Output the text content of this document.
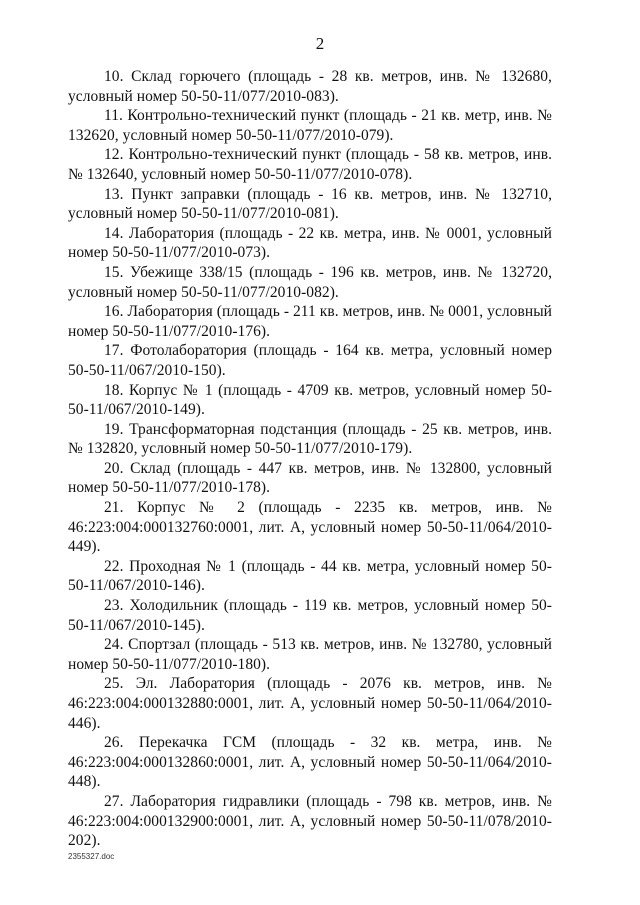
2

10. Склад горючего (площадь - 28 кв. метров, инв. № 132680, условный номер 50-50-11/077/2010-083).

11. Контрольно-технический пункт (площадь - 21 кв. метр, инв. № 132620, условный номер 50-50-11/077/2010-079).

12. Контрольно-технический пункт (площадь - 58 кв. метров, инв. № 132640, условный номер 50-50-11/077/2010-078).

13. Пункт заправки (площадь - 16 кв. метров, инв. № 132710, условный номер 50-50-11/077/2010-081).

14. Лаборатория (площадь - 22 кв. метра, инв. № 0001, условный номер 50-50-11/077/2010-073).

15. Убежище 338/15 (площадь - 196 кв. метров, инв. № 132720, условный номер 50-50-11/077/2010-082).

16. Лаборатория (площадь - 211 кв. метров, инв. № 0001, условный номер 50-50-11/077/2010-176).

17. Фотолаборатория (площадь - 164 кв. метра, условный номер 50-50-11/067/2010-150).

18. Корпус № 1 (площадь - 4709 кв. метров, условный номер 50-50-11/067/2010-149).

19. Трансформаторная подстанция (площадь - 25 кв. метров, инв. № 132820, условный номер 50-50-11/077/2010-179).

20. Склад (площадь - 447 кв. метров, инв. № 132800, условный номер 50-50-11/077/2010-178).

21. Корпус № 2 (площадь - 2235 кв. метров, инв. № 46:223:004:000132760:0001, лит. А, условный номер 50-50-11/064/2010-449).

22. Проходная № 1 (площадь - 44 кв. метра, условный номер 50-50-11/067/2010-146).

23. Холодильник (площадь - 119 кв. метров, условный номер 50-50-11/067/2010-145).

24. Спортзал (площадь - 513 кв. метров, инв. № 132780, условный номер 50-50-11/077/2010-180).

25. Эл. Лаборатория (площадь - 2076 кв. метров, инв. № 46:223:004:000132880:0001, лит. А, условный номер 50-50-11/064/2010-446).

26. Перекачка ГСМ (площадь - 32 кв. метра, инв. № 46:223:004:000132860:0001, лит. А, условный номер 50-50-11/064/2010-448).

27. Лаборатория гидравлики (площадь - 798 кв. метров, инв. № 46:223:004:000132900:0001, лит. А, условный номер 50-50-11/078/2010-202).

2355327.doc
